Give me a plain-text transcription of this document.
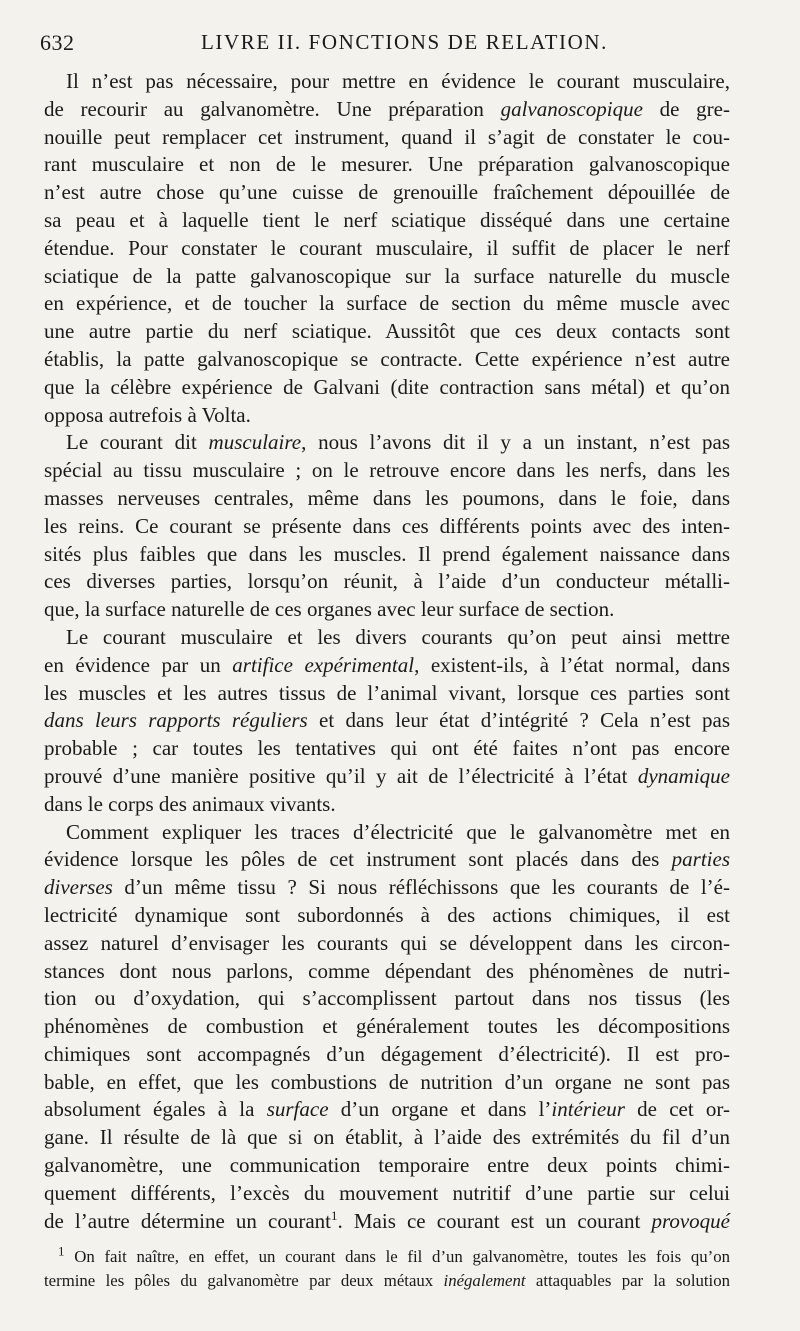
632	LIVRE II. FONCTIONS DE RELATION.
Il n’est pas nécessaire, pour mettre en évidence le courant musculaire,
de recourir au galvanomètre. Une préparation galvanoscopique de gre-
nouille peut remplacer cet instrument, quand il s’agit de constater le cou-
rant musculaire et non de le mesurer. Une préparation galvanoscopique
n’est autre chose qu’une cuisse de grenouille fraîchement dépouillée de
sa peau et à laquelle tient le nerf sciatique disséqué dans une certaine
étendue. Pour constater le courant musculaire, il suffit de placer le nerf
sciatique de la patte galvanoscopique sur la surface naturelle du muscle
en expérience, et de toucher la surface de section du même muscle avec
une autre partie du nerf sciatique. Aussitôt que ces deux contacts sont
établis, la patte galvanoscopique se contracte. Cette expérience n’est autre
que la célèbre expérience de Galvani (dite contraction sans métal) et qu’on
opposa autrefois à Volta.
Le courant dit musculaire, nous l’avons dit il y a un instant, n’est pas
spécial au tissu musculaire ; on le retrouve encore dans les nerfs, dans les
masses nerveuses centrales, même dans les poumons, dans le foie, dans
les reins. Ce courant se présente dans ces différents points avec des inten-
sités plus faibles que dans les muscles. Il prend également naissance dans
ces diverses parties, lorsqu’on réunit, à l’aide d’un conducteur métalli-
que, la surface naturelle de ces organes avec leur surface de section.
Le courant musculaire et les divers courants qu’on peut ainsi mettre
en évidence par un artifice expérimental, existent-ils, à l’état normal, dans
les muscles et les autres tissus de l’animal vivant, lorsque ces parties sont
dans leurs rapports réguliers et dans leur état d’intégrité ? Cela n’est pas
probable ; car toutes les tentatives qui ont été faites n’ont pas encore
prouvé d’une manière positive qu’il y ait de l’électricité à l’état dynamique
dans le corps des animaux vivants.
Comment expliquer les traces d’électricité que le galvanomètre met en
évidence lorsque les pôles de cet instrument sont placés dans des parties
diverses d’un même tissu ? Si nous réfléchissons que les courants de l’é-
lectricité dynamique sont subordonnés à des actions chimiques, il est
assez naturel d’envisager les courants qui se développent dans les circon-
stances dont nous parlons, comme dépendant des phénomènes de nutri-
tion ou d’oxydation, qui s’accomplissent partout dans nos tissus (les
phénomènes de combustion et généralement toutes les décompositions
chimiques sont accompagnés d’un dégagement d’électricité). Il est pro-
bable, en effet, que les combustions de nutrition d’un organe ne sont pas
absolument égales à la surface d’un organe et dans l’intérieur de cet or-
gane. Il résulte de là que si on établit, à l’aide des extrémités du fil d’un
galvanomètre, une communication temporaire entre deux points chimi-
quement différents, l’excès du mouvement nutritif d’une partie sur celui
de l’autre détermine un courant$^1$. Mais ce courant est un courant provoqué
$^1$ On fait naître, en effet, un courant dans le fil d’un galvanomètre, toutes les fois qu’on
termine les pôles du galvanomètre par deux métaux inégalement attaquables par la solution
